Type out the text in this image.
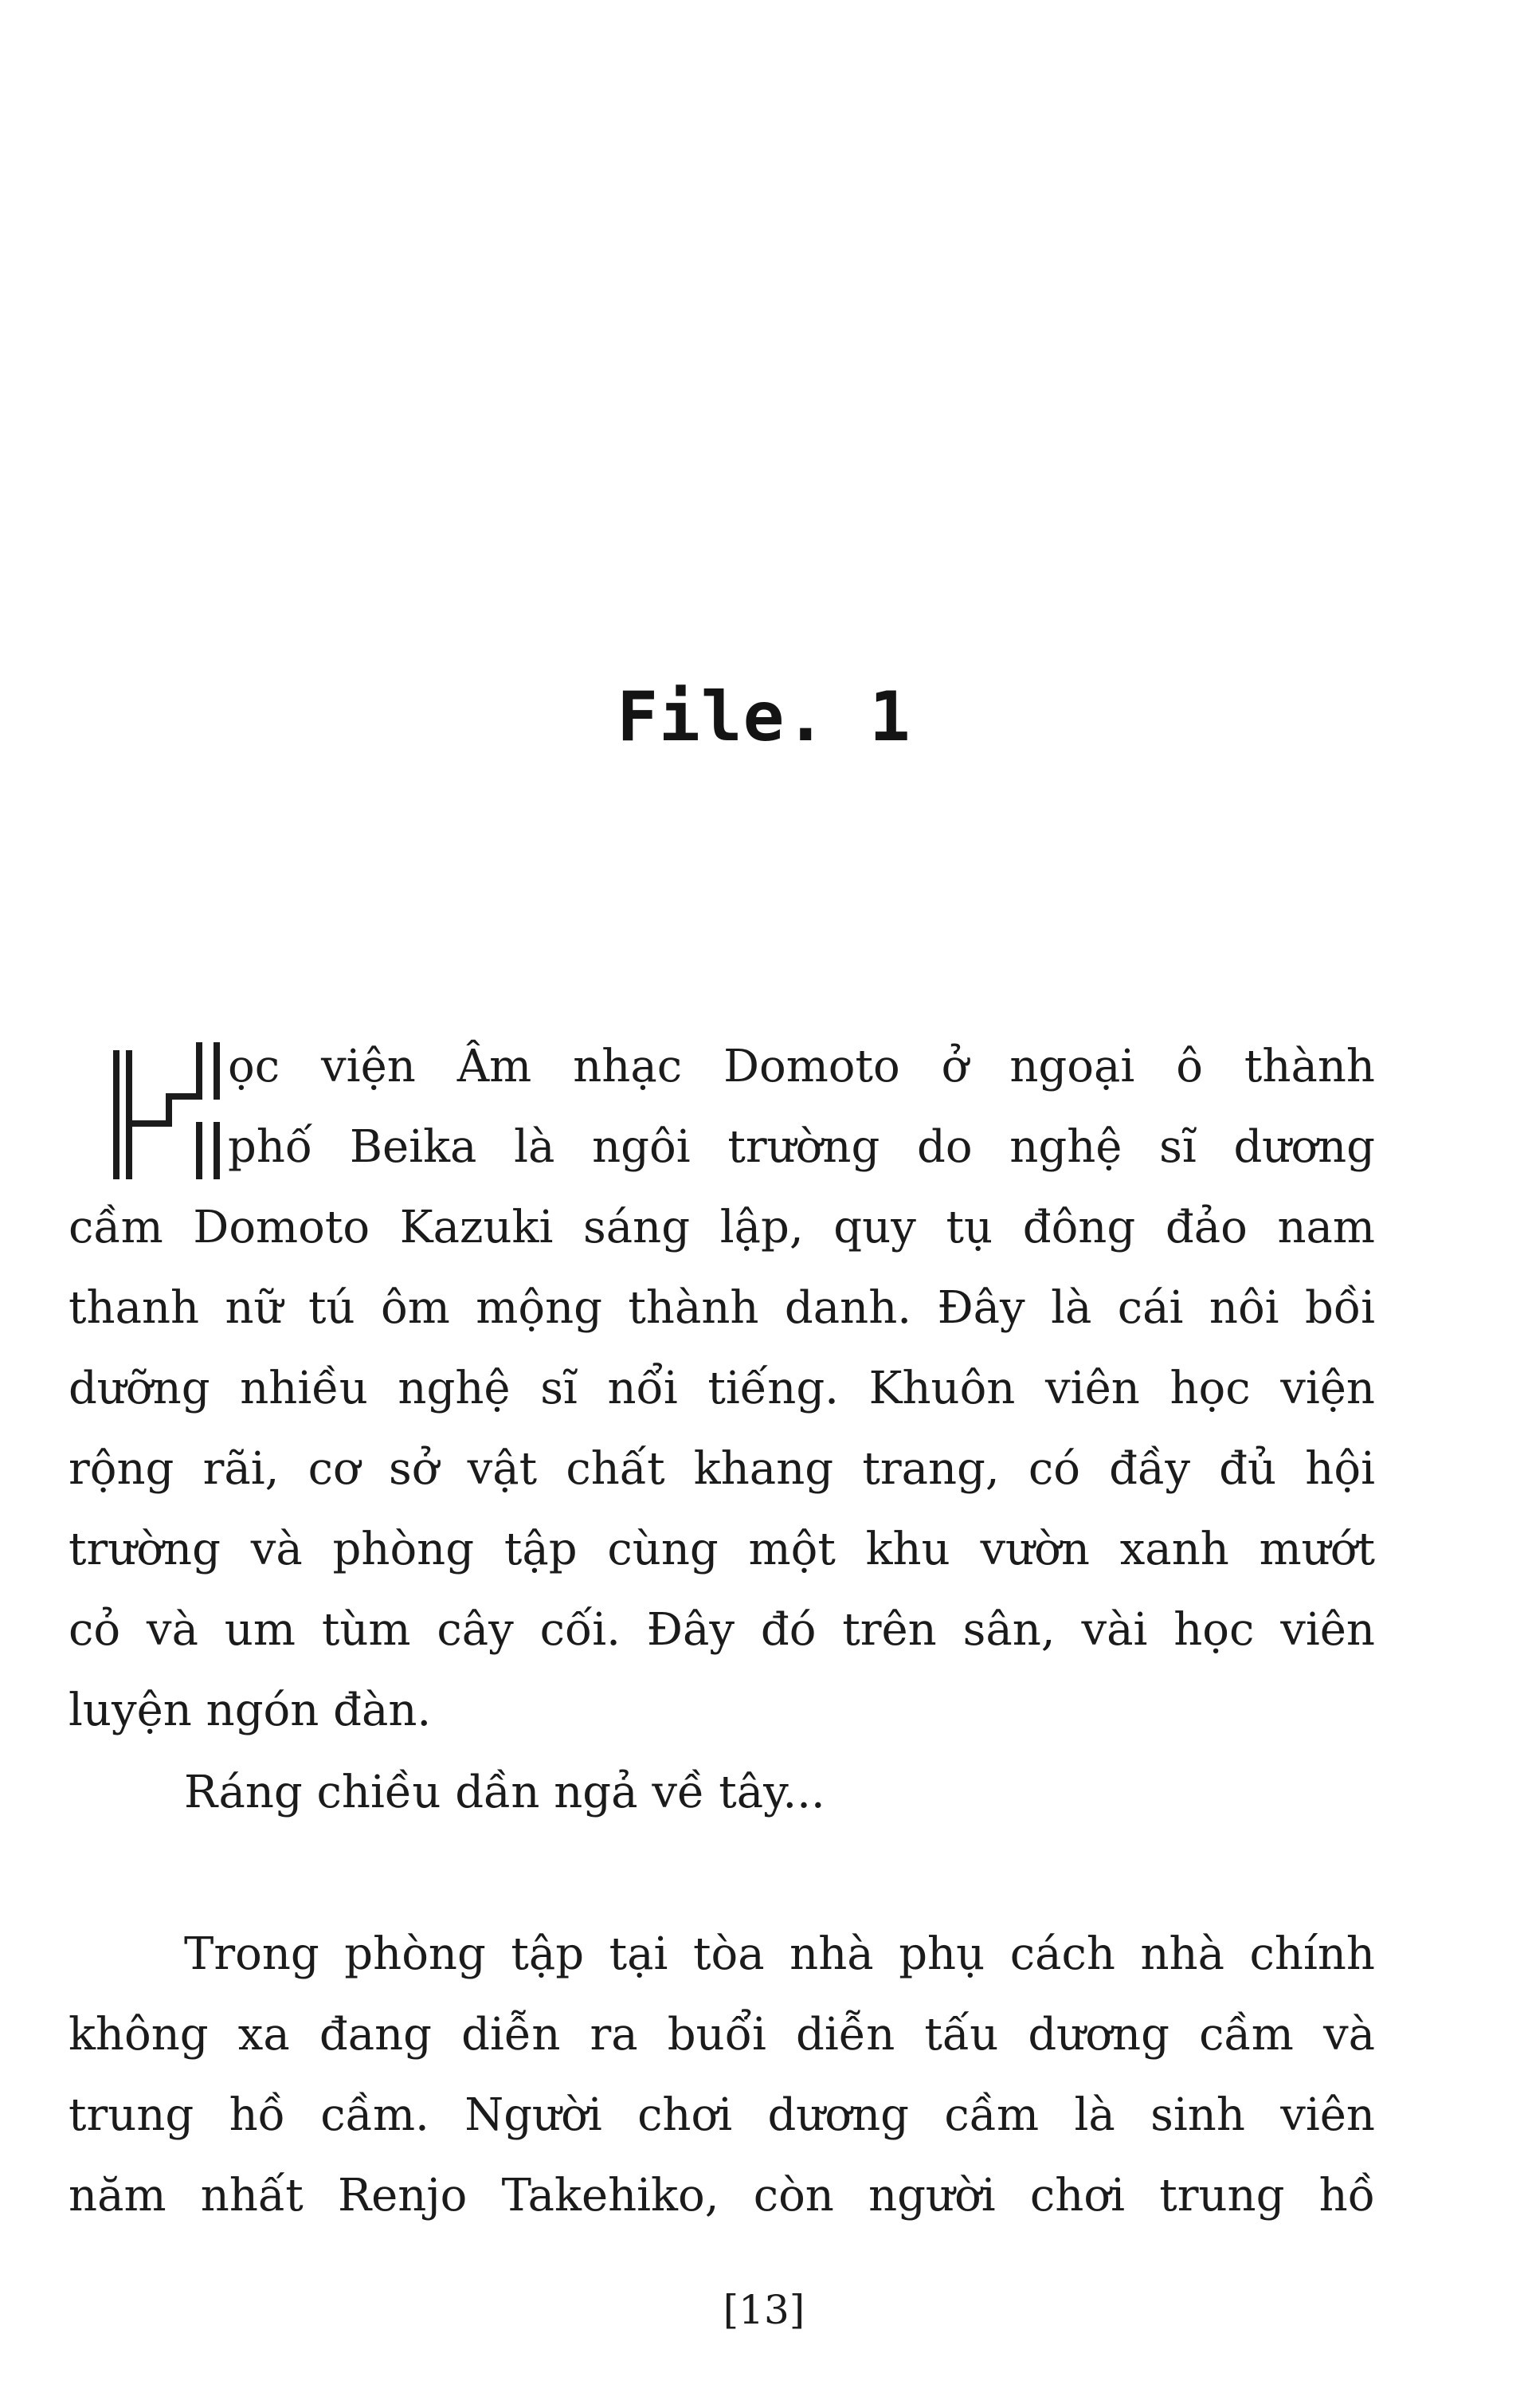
File. 1
ọc viện Âm nhạc Domoto ở ngoại ô thành
phố Beika là ngôi trường do nghệ sĩ dương
cầm Domoto Kazuki sáng lập, quy tụ đông đảo nam
thanh nữ tú ôm mộng thành danh. Đây là cái nôi bồi
dưỡng nhiều nghệ sĩ nổi tiếng. Khuôn viên học viện
rộng rãi, cơ sở vật chất khang trang, có đầy đủ hội
trường và phòng tập cùng một khu vườn xanh mướt
cỏ và um tùm cây cối. Đây đó trên sân, vài học viên
luyện ngón đàn.
Ráng chiều dần ngả về tây...
Trong phòng tập tại tòa nhà phụ cách nhà chính
không xa đang diễn ra buổi diễn tấu dương cầm và
trung hồ cầm. Người chơi dương cầm là sinh viên
năm nhất Renjo Takehiko, còn người chơi trung hồ
[13]
